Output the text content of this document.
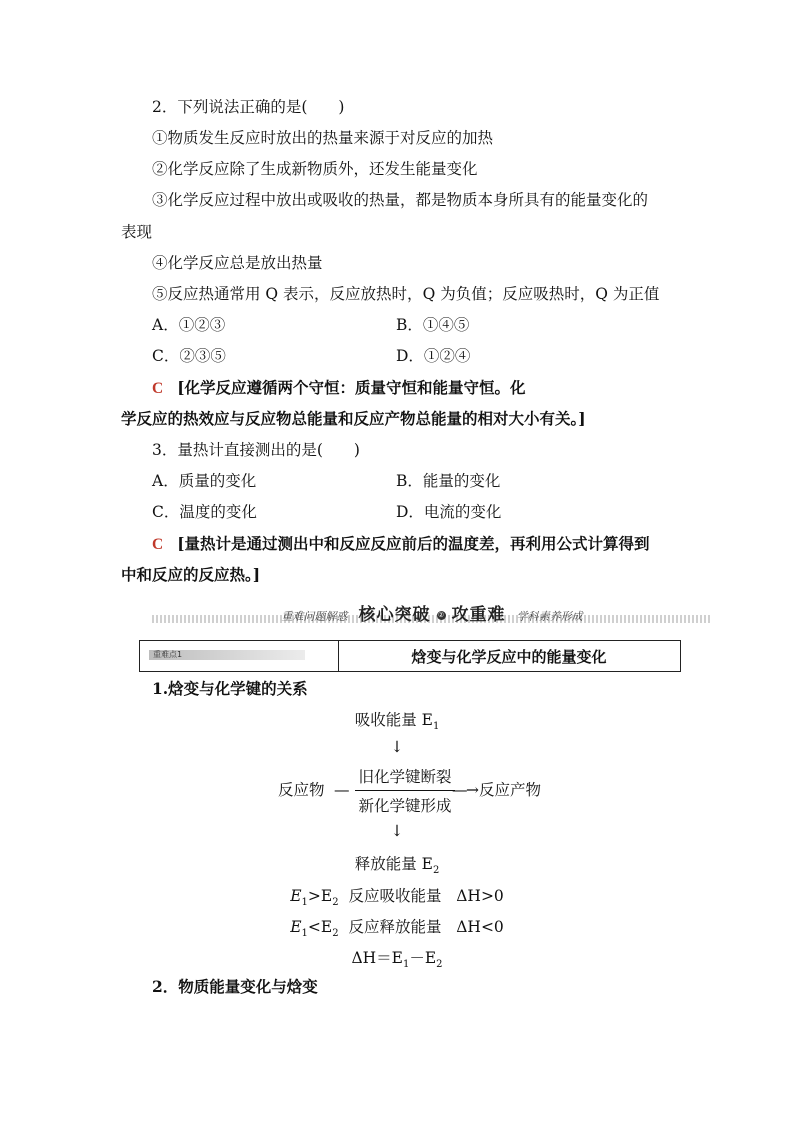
2．下列说法正确的是(　　)
①物质发生反应时放出的热量来源于对反应的加热
②化学反应除了生成新物质外，还发生能量变化
③化学反应过程中放出或吸收的热量，都是物质本身所具有的能量变化的
表现
④化学反应总是放出热量
⑤反应热通常用 Q 表示，反应放热时，Q 为负值；反应吸热时，Q 为正值
A．①②③	B．①④⑤
C．②③⑤	D．①②④
C [化学反应遵循两个守恒：质量守恒和能量守恒。化
学反应的热效应与反应物总能量和反应产物总能量的相对大小有关。]
3．量热计直接测出的是(　　)
A．质量的变化	B．能量的变化
C．温度的变化	D．电流的变化
C [量热计是通过测出中和反应反应前后的温度差，再利用公式计算得到
中和反应的反应热。]
重难问题解惑 核心突破 ② 攻重难 学科素养形成
重难点1	焓变与化学反应中的能量变化
1.焓变与化学键的关系
吸收能量 $E_1$
↓
反应物 —
旧化学键断裂
新化学键形成
—
→反应产物
↓
释放能量 $E_2$
$E_1>E_2$ 反应吸收能量 ΔH>0
$E_1<E_2$ 反应释放能量 ΔH<0
$\Delta H=E_1-E_2$
2．物质能量变化与焓变
